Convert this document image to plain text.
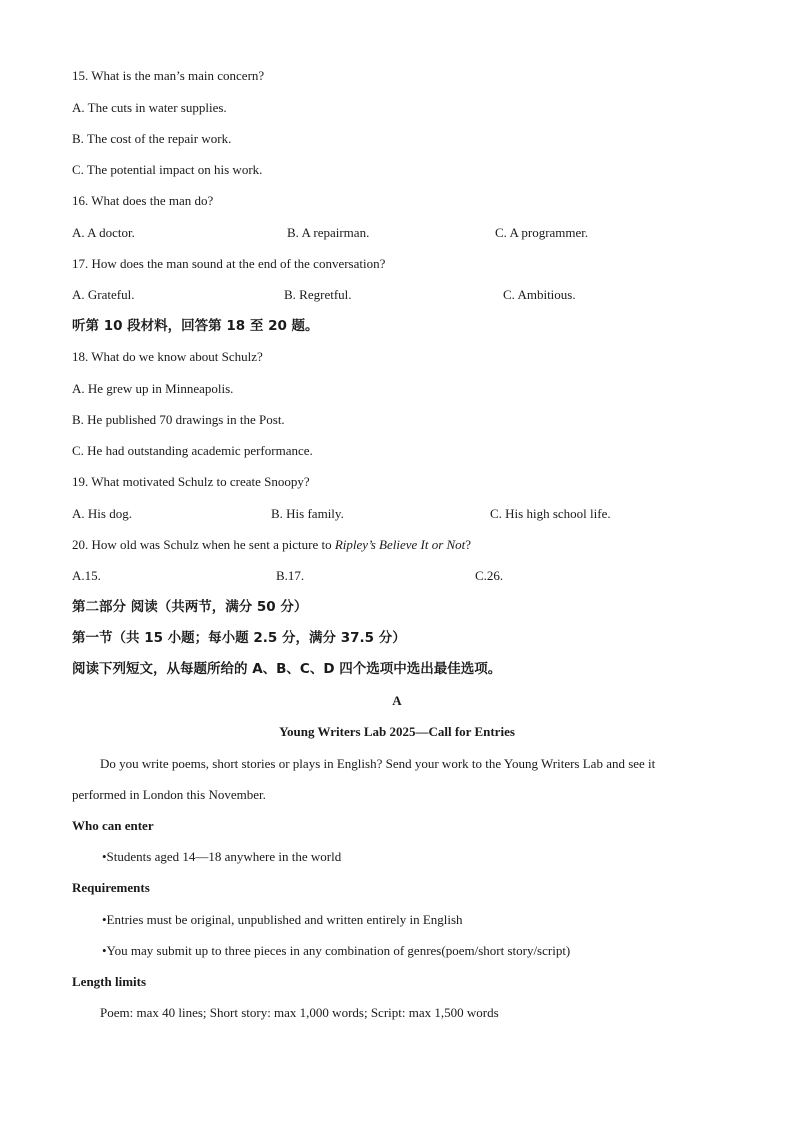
15. What is the man’s main concern?
A. The cuts in water supplies.
B. The cost of the repair work.
C. The potential impact on his work.
16. What does the man do?
A. A doctor.	B. A repairman.	C. A programmer.
17. How does the man sound at the end of the conversation?
A. Grateful.	B. Regretful.	C. Ambitious.
听第 10 段材料，回答第 18 至 20 题。
18. What do we know about Schulz?
A. He grew up in Minneapolis.
B. He published 70 drawings in the Post.
C. He had outstanding academic performance.
19. What motivated Schulz to create Snoopy?
A. His dog.	B. His family.	C. His high school life.
20. How old was Schulz when he sent a picture to Ripley’s Believe It or Not?
A.15.	B.17.	C.26.
第二部分 阅读（共两节，满分 50 分）
第一节（共 15 小题；每小题 2.5 分，满分 37.5 分）
阅读下列短文，从每题所给的 A、B、C、D 四个选项中选出最佳选项。
A
Young Writers Lab 2025—Call for Entries
Do you write poems, short stories or plays in English? Send your work to the Young Writers Lab and see it performed in London this November.
Who can enter
•Students aged 14—18 anywhere in the world
Requirements
•Entries must be original, unpublished and written entirely in English
•You may submit up to three pieces in any combination of genres(poem/short story/script)
Length limits
Poem: max 40 lines; Short story: max 1,000 words; Script: max 1,500 words
